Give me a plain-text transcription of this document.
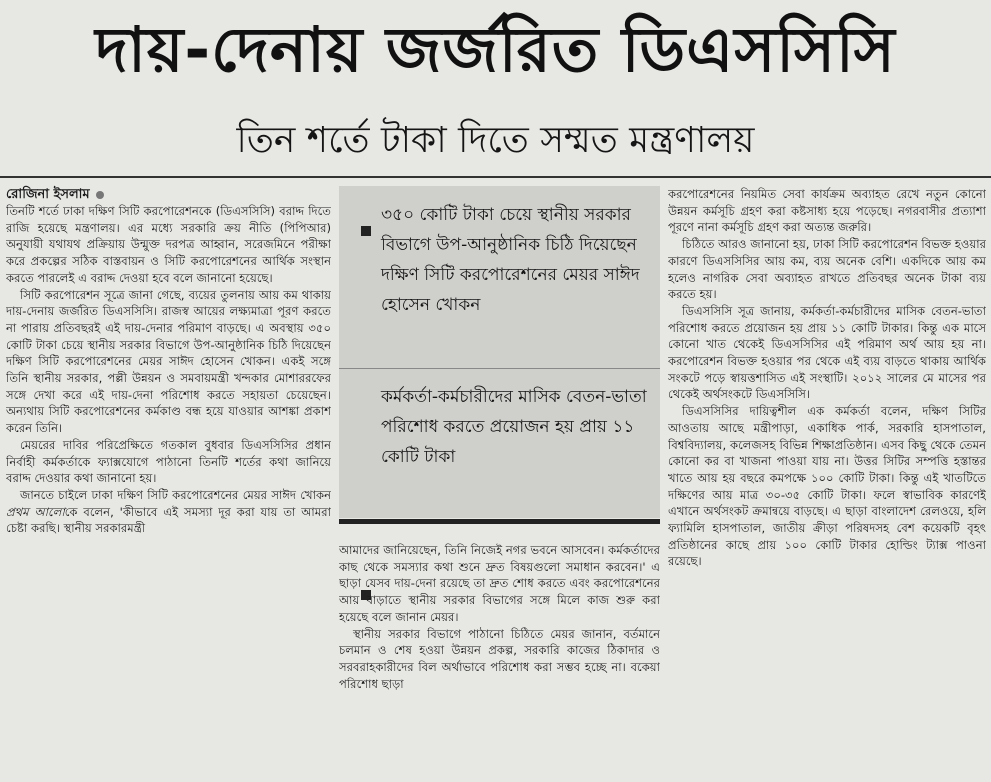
দায়-দেনায় জর্জরিত ডিএসসিসি
তিন শর্তে টাকা দিতে সম্মত মন্ত্রণালয়
রোজিনা ইসলাম

তিনটি শর্তে ঢাকা দক্ষিণ সিটি করপোরেশনকে (ডিএসসিসি) বরাদ্দ দিতে রাজি হয়েছে মন্ত্রণালয়। এর মধ্যে সরকারি ক্রয় নীতি (পিপিআর) অনুযায়ী যথাযথ প্রক্রিয়ায় উন্মুক্ত দরপত্র আহ্বান, সরেজমিনে পরীক্ষা করে প্রকল্পের সঠিক বাস্তবায়ন ও সিটি করপোরেশনের আর্থিক সংস্থান করতে পারলেই এ বরাদ্দ দেওয়া হবে বলে জানানো হয়েছে।

সিটি করপোরেশন সূত্রে জানা গেছে, ব্যয়ের তুলনায় আয় কম থাকায় দায়-দেনায় জর্জরিত ডিএসসিসি। রাজস্ব আয়ের লক্ষ্যমাত্রা পূরণ করতে না পারায় প্রতিবছরই এই দায়-দেনার পরিমাণ বাড়ছে। এ অবস্থায় ৩৫০ কোটি টাকা চেয়ে স্থানীয় সরকার বিভাগে উপ-আনুষ্ঠানিক চিঠি দিয়েছেন দক্ষিণ সিটি করপোরেশনের মেয়র সাঈদ হোসেন খোকন। একই সঙ্গে তিনি স্থানীয় সরকার, পল্লী উন্নয়ন ও সমবায়মন্ত্রী খন্দকার মোশাররফের সঙ্গে দেখা করে এই দায়-দেনা পরিশোধ করতে সহায়তা চেয়েছেন। অন্যথায় সিটি করপোরেশনের কর্মকাণ্ড বন্ধ হয়ে যাওয়ার আশঙ্কা প্রকাশ করেন তিনি।

মেয়রের দাবির পরিপ্রেক্ষিতে গতকাল বুধবার ডিএসসিসির প্রধান নির্বাহী কর্মকর্তাকে ফ্যাক্সযোগে পাঠানো তিনটি শর্তের কথা জানিয়ে বরাদ্দ দেওয়ার কথা জানানো হয়।

জানতে চাইলে ঢাকা দক্ষিণ সিটি করপোরেশনের মেয়র সাঈদ খোকন প্রথম আলোকে বলেন, 'কীভাবে এই সমস্যা দূর করা যায় তা আমরা চেষ্টা করছি। স্থানীয় সরকারমন্ত্রী

৩৫০ কোটি টাকা চেয়ে স্থানীয় সরকার বিভাগে উপ-আনুষ্ঠানিক চিঠি দিয়েছেন দক্ষিণ সিটি করপোরেশনের মেয়র সাঈদ হোসেন খোকন
কর্মকর্তা-কর্মচারীদের মাসিক বেতন-ভাতা পরিশোধ করতে প্রয়োজন হয় প্রায় ১১ কোটি টাকা

আমাদের জানিয়েছেন, তিনি নিজেই নগর ভবনে আসবেন। কর্মকর্তাদের কাছ থেকে সমস্যার কথা শুনে দ্রুত বিষয়গুলো সমাধান করবেন।' এ ছাড়া যেসব দায়-দেনা রয়েছে তা দ্রুত শোধ করতে এবং করপোরেশনের আয় বাড়াতে স্থানীয় সরকার বিভাগের সঙ্গে মিলে কাজ শুরু করা হয়েছে বলে জানান মেয়র।

স্থানীয় সরকার বিভাগে পাঠানো চিঠিতে মেয়র জানান, বর্তমানে চলমান ও শেষ হওয়া উন্নয়ন প্রকল্প, সরকারি কাজের ঠিকাদার ও সরবরাহকারীদের বিল অর্থাভাবে পরিশোধ করা সম্ভব হচ্ছে না। বকেয়া পরিশোধ ছাড়া

করপোরেশনের নিয়মিত সেবা কার্যক্রম অব্যাহত রেখে নতুন কোনো উন্নয়ন কর্মসূচি গ্রহণ করা কষ্টসাধ্য হয়ে পড়েছে। নগরবাসীর প্রত্যাশা পূরণে নানা কর্মসূচি গ্রহণ করা অত্যন্ত জরুরি।

চিঠিতে আরও জানানো হয়, ঢাকা সিটি করপোরেশন বিভক্ত হওয়ার কারণে ডিএসসিসির আয় কম, ব্যয় অনেক বেশি। একদিকে আয় কম হলেও নাগরিক সেবা অব্যাহত রাখতে প্রতিবছর অনেক টাকা ব্যয় করতে হয়।

ডিএসসিসি সূত্র জানায়, কর্মকর্তা-কর্মচারীদের মাসিক বেতন-ভাতা পরিশোধ করতে প্রয়োজন হয় প্রায় ১১ কোটি টাকার। কিন্তু এক মাসে কোনো খাত থেকেই ডিএসসিসির এই পরিমাণ অর্থ আয় হয় না। করপোরেশন বিভক্ত হওয়ার পর থেকে এই ব্যয় বাড়তে থাকায় আর্থিক সংকটে পড়ে স্বায়ত্তশাসিত এই সংস্থাটি। ২০১২ সালের মে মাসের পর থেকেই অর্থসংকটে ডিএসসিসি।

ডিএসসিসির দায়িত্বশীল এক কর্মকর্তা বলেন, দক্ষিণ সিটির আওতায় আছে মন্ত্রীপাড়া, একাধিক পার্ক, সরকারি হাসপাতাল, বিশ্ববিদ্যালয়, কলেজসহ বিভিন্ন শিক্ষাপ্রতিষ্ঠান। এসব কিছু থেকে তেমন কোনো কর বা খাজনা পাওয়া যায় না। উত্তর সিটির সম্পত্তি হস্তান্তর খাতে আয় হয় বছরে কমপক্ষে ১০০ কোটি টাকা। কিন্তু এই খাতটিতে দক্ষিণের আয় মাত্র ৩০-৩৫ কোটি টাকা। ফলে স্বাভাবিক কারণেই এখানে অর্থসংকট ক্রমান্বয়ে বাড়ছে। এ ছাড়া বাংলাদেশ রেলওয়ে, হলি ফ্যামিলি হাসপাতাল, জাতীয় ক্রীড়া পরিষদসহ বেশ কয়েকটি বৃহৎ প্রতিষ্ঠানের কাছে প্রায় ১০০ কোটি টাকার হোল্ডিং ট্যাক্স পাওনা রয়েছে।
